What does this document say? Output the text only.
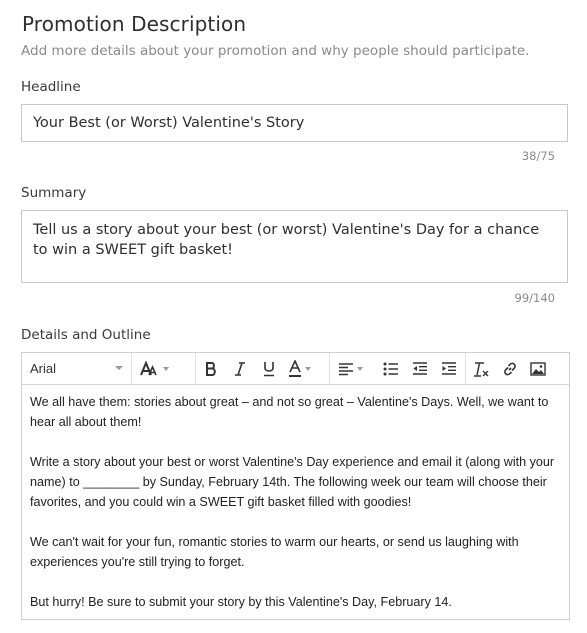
Promotion Description
Add more details about your promotion and why people should participate.
Headline
Your Best (or Worst) Valentine's Story
38/75
Summary
Tell us a story about your best (or worst) Valentine's Day for a chance to win a SWEET gift basket!
99/140
Details and Outline
Arial

We all have them: stories about great – and not so great – Valentine's Days. Well, we want to hear all about them!

Write a story about your best or worst Valentine's Day experience and email it (along with your name) to ________ by Sunday, February 14th. The following week our team will choose their favorites, and you could win a SWEET gift basket filled with goodies!

We can't wait for your fun, romantic stories to warm our hearts, or send us laughing with experiences you're still trying to forget.

But hurry! Be sure to submit your story by this Valentine's Day, February 14.
